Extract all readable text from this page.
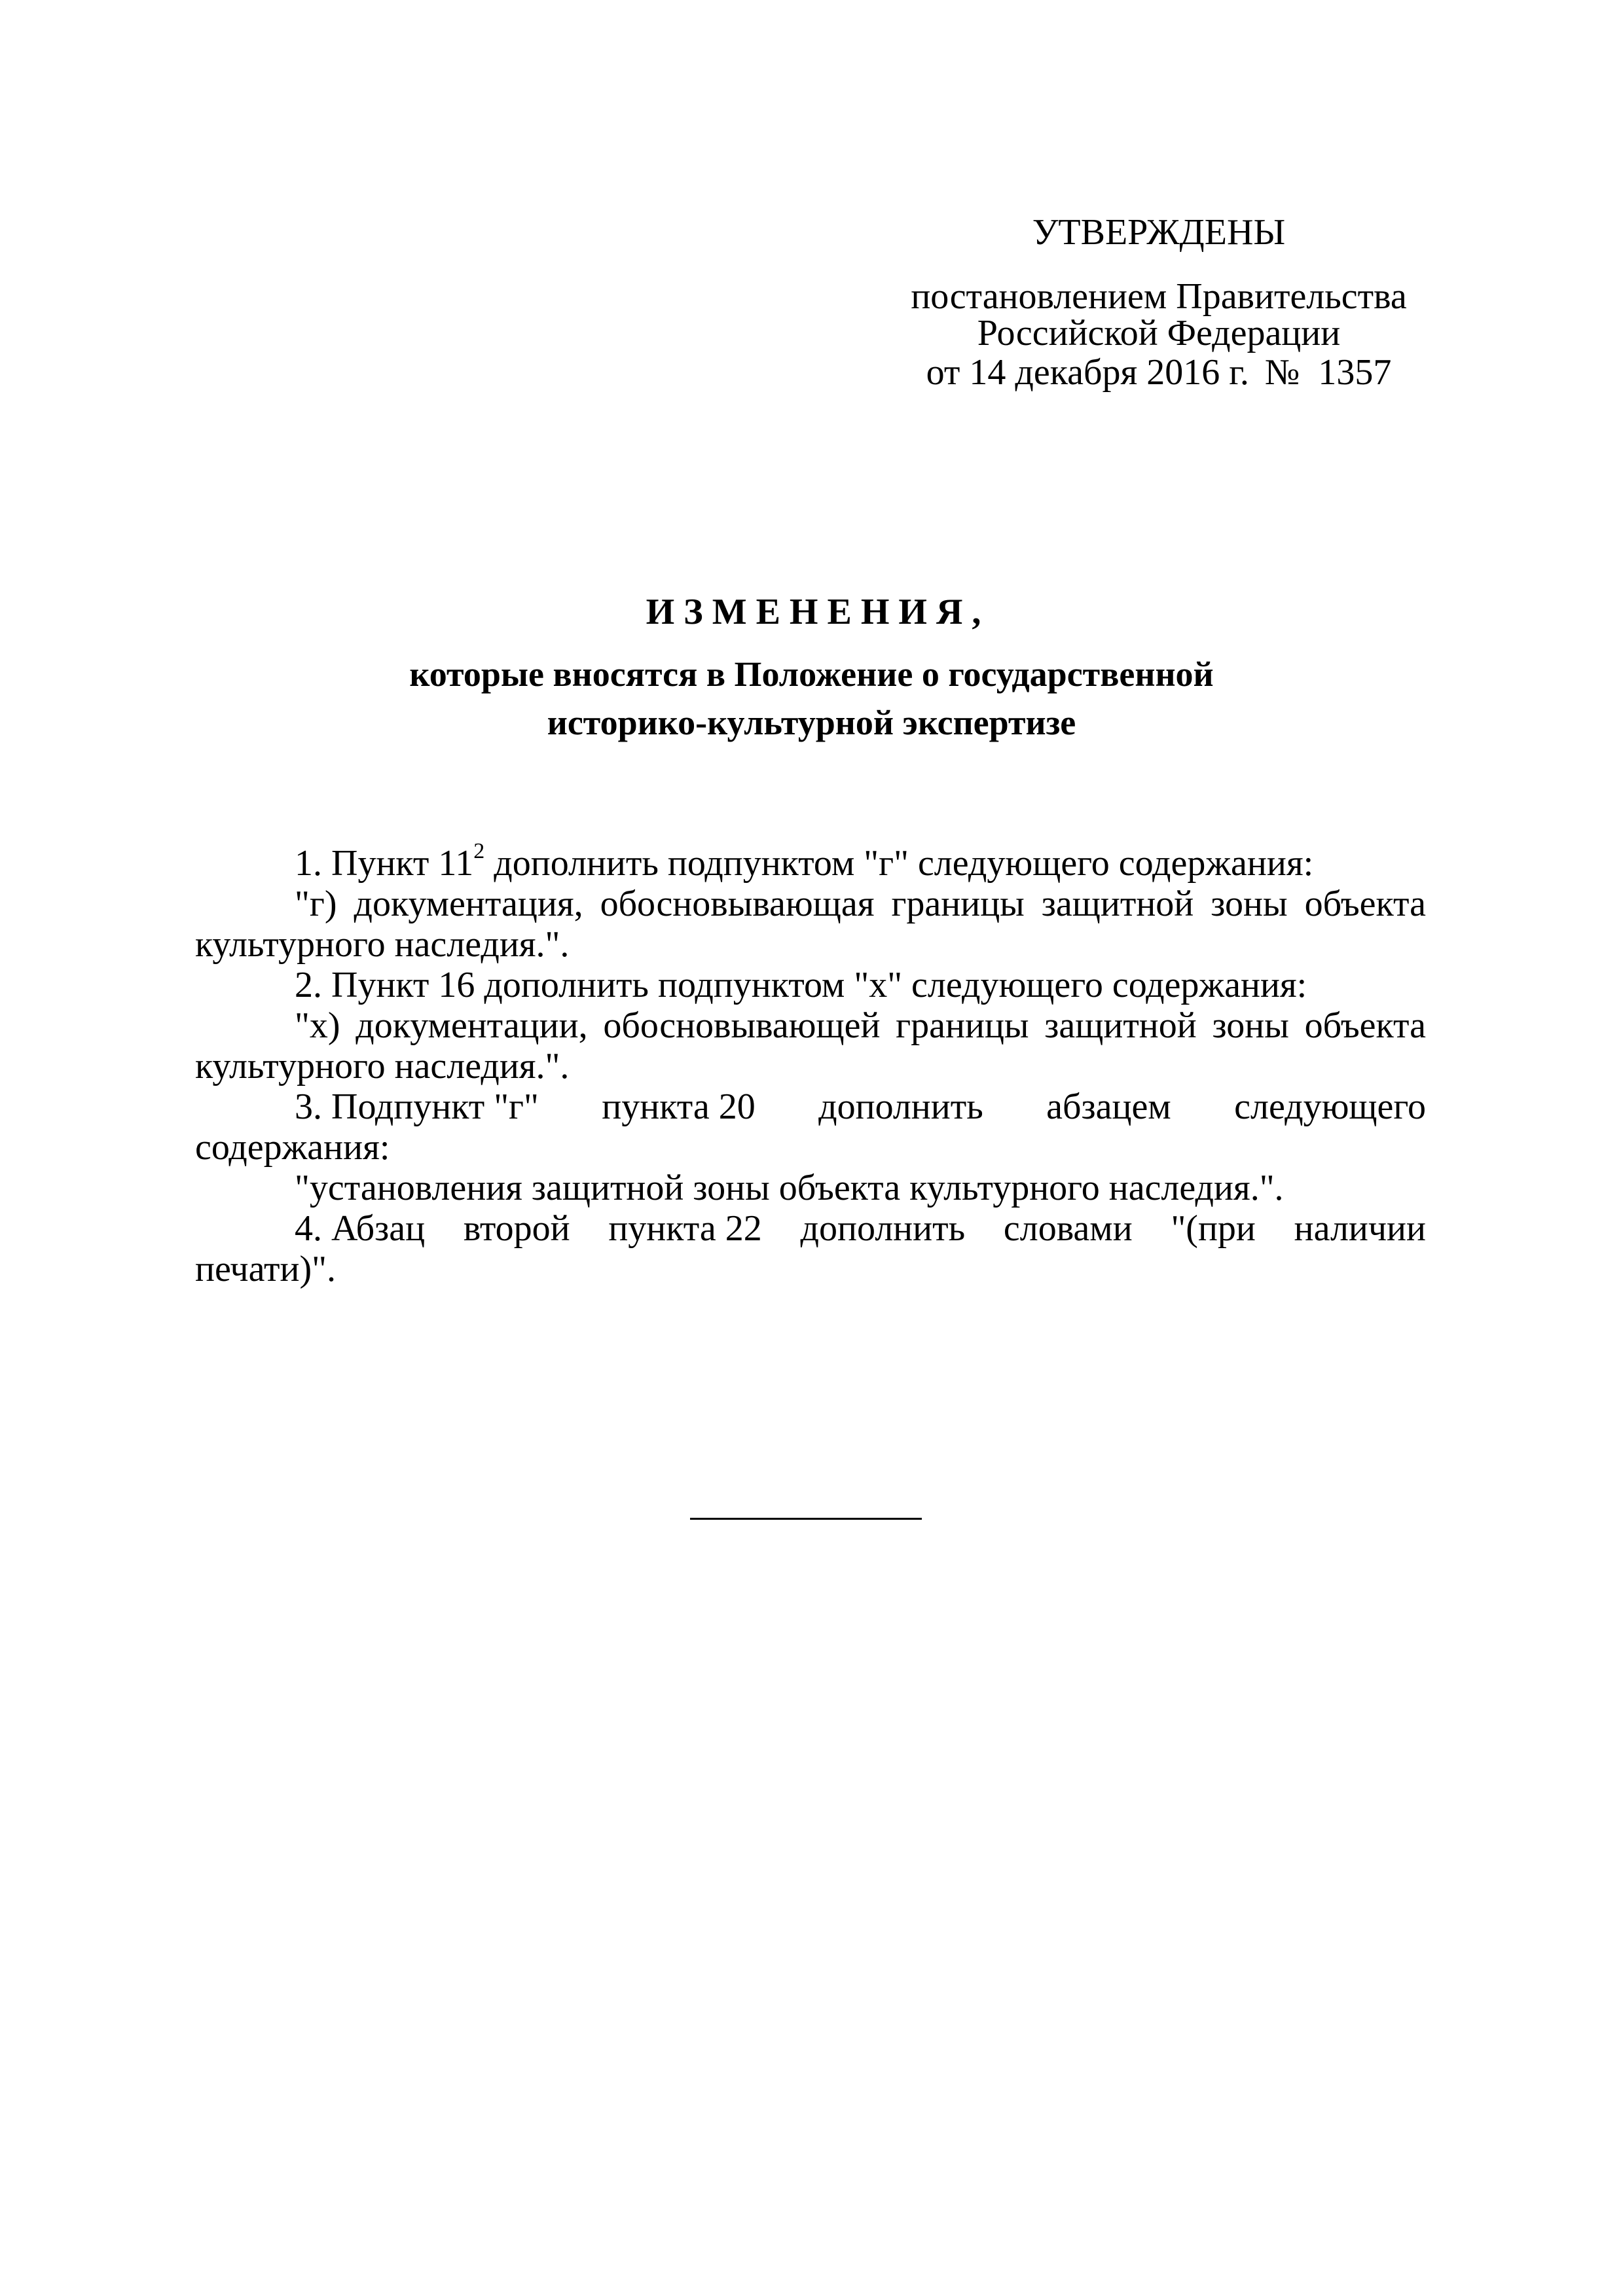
УТВЕРЖДЕНЫ
постановлением Правительства
Российской Федерации
от 14 декабря 2016 г. № 1357
ИЗМЕНЕНИЯ,
которые вносятся в Положение о государственной
историко-культурной экспертизе

1. Пункт $11^2$ дополнить подпунктом "г" следующего содержания:

"г) документация, обосновывающая границы защитной зоны объекта культурного наследия.".

2. Пункт 16 дополнить подпунктом "х" следующего содержания:

"х) документации, обосновывающей границы защитной зоны объекта культурного наследия.".

3. Подпункт "г" пункта 20 дополнить абзацем следующего

содержания:

"установления защитной зоны объекта культурного наследия.".

4. Абзац второй пункта 22 дополнить словами "(при наличии

печати)".
